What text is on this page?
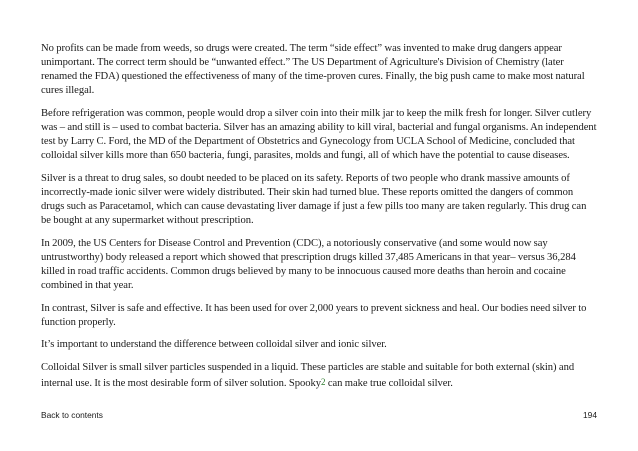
No profits can be made from weeds, so drugs were created. The term “side effect” was invented to make drug dangers appear unimportant. The correct term should be “unwanted effect.” The US Department of Agriculture's Division of Chemistry (later renamed the FDA) questioned the effectiveness of many of the time-proven cures. Finally, the big push came to make most natural cures illegal.

Before refrigeration was common, people would drop a silver coin into their milk jar to keep the milk fresh for longer. Silver cutlery was – and still is – used to combat bacteria. Silver has an amazing ability to kill viral, bacterial and fungal organisms. An independent test by Larry C. Ford, the MD of the Department of Obstetrics and Gynecology from UCLA School of Medicine, concluded that colloidal silver kills more than 650 bacteria, fungi, parasites, molds and fungi, all of which have the potential to cause diseases.

Silver is a threat to drug sales, so doubt needed to be placed on its safety. Reports of two people who drank massive amounts of incorrectly-made ionic silver were widely distributed. Their skin had turned blue. These reports omitted the dangers of common drugs such as Paracetamol, which can cause devastating liver damage if just a few pills too many are taken regularly. This drug can be bought at any supermarket without prescription.

In 2009, the US Centers for Disease Control and Prevention (CDC), a notoriously conservative (and some would now say untrustworthy) body released a report which showed that prescription drugs killed 37,485 Americans in that year– versus 36,284 killed in road traffic accidents. Common drugs believed by many to be innocuous caused more deaths than heroin and cocaine combined in that year.

In contrast, Silver is safe and effective. It has been used for over 2,000 years to prevent sickness and heal. Our bodies need silver to function properly.

It’s important to understand the difference between colloidal silver and ionic silver.

Colloidal Silver is small silver particles suspended in a liquid. These particles are stable and suitable for both external (skin) and internal use. It is the most desirable form of silver solution. Spooky$^2$ can make true colloidal silver.

Back to contents	194
